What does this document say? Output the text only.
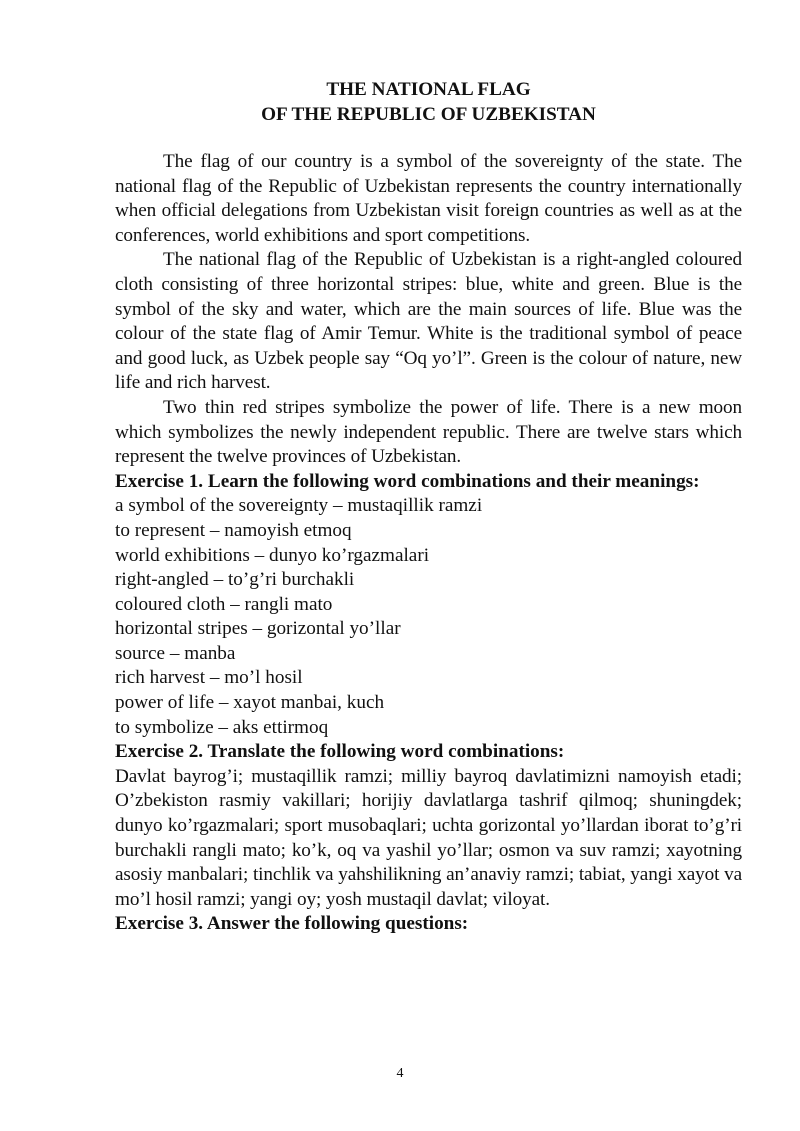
THE NATIONAL FLAG
OF THE REPUBLIC OF UZBEKISTAN

The flag of our country is a symbol of the sovereignty of the state. The national flag of the Republic of Uzbekistan represents the country internationally when official delegations from Uzbekistan visit foreign countries as well as at the conferences, world exhibitions and sport competitions.

The national flag of the Republic of Uzbekistan is a right-angled coloured cloth consisting of three horizontal stripes: blue, white and green. Blue is the symbol of the sky and water, which are the main sources of life. Blue was the colour of the state flag of Amir Temur. White is the traditional symbol of peace and good luck, as Uzbek people say “Oq yo’l”. Green is the colour of nature, new life and rich harvest.

Two thin red stripes symbolize the power of life. There is a new moon which symbolizes the newly independent republic. There are twelve stars which represent the twelve provinces of Uzbekistan.

Exercise 1. Learn the following word combinations and their meanings:

a symbol of the sovereignty – mustaqillik ramzi
to represent – namoyish etmoq
world exhibitions – dunyo ko’rgazmalari
right-angled – to’g’ri burchakli
coloured cloth – rangli mato
horizontal stripes – gorizontal yo’llar
source – manba
rich harvest – mo’l hosil
power of life – xayot manbai, kuch
to symbolize – aks ettirmoq

Exercise 2. Translate the following word combinations:

Davlat bayrog’i; mustaqillik ramzi; milliy bayroq davlatimizni namoyish etadi; O’zbekiston rasmiy vakillari; horijiy davlatlarga tashrif qilmoq; shuningdek; dunyo ko’rgazmalari; sport musobaqlari; uchta gorizontal yo’llardan iborat to’g’ri burchakli rangli mato; ko’k, oq va yashil yo’llar; osmon va suv ramzi; xayotning asosiy manbalari; tinchlik va yahshilikning an’anaviy ramzi; tabiat, yangi xayot va mo’l hosil ramzi; yangi oy; yosh mustaqil davlat; viloyat.

Exercise 3. Answer the following questions:

4
